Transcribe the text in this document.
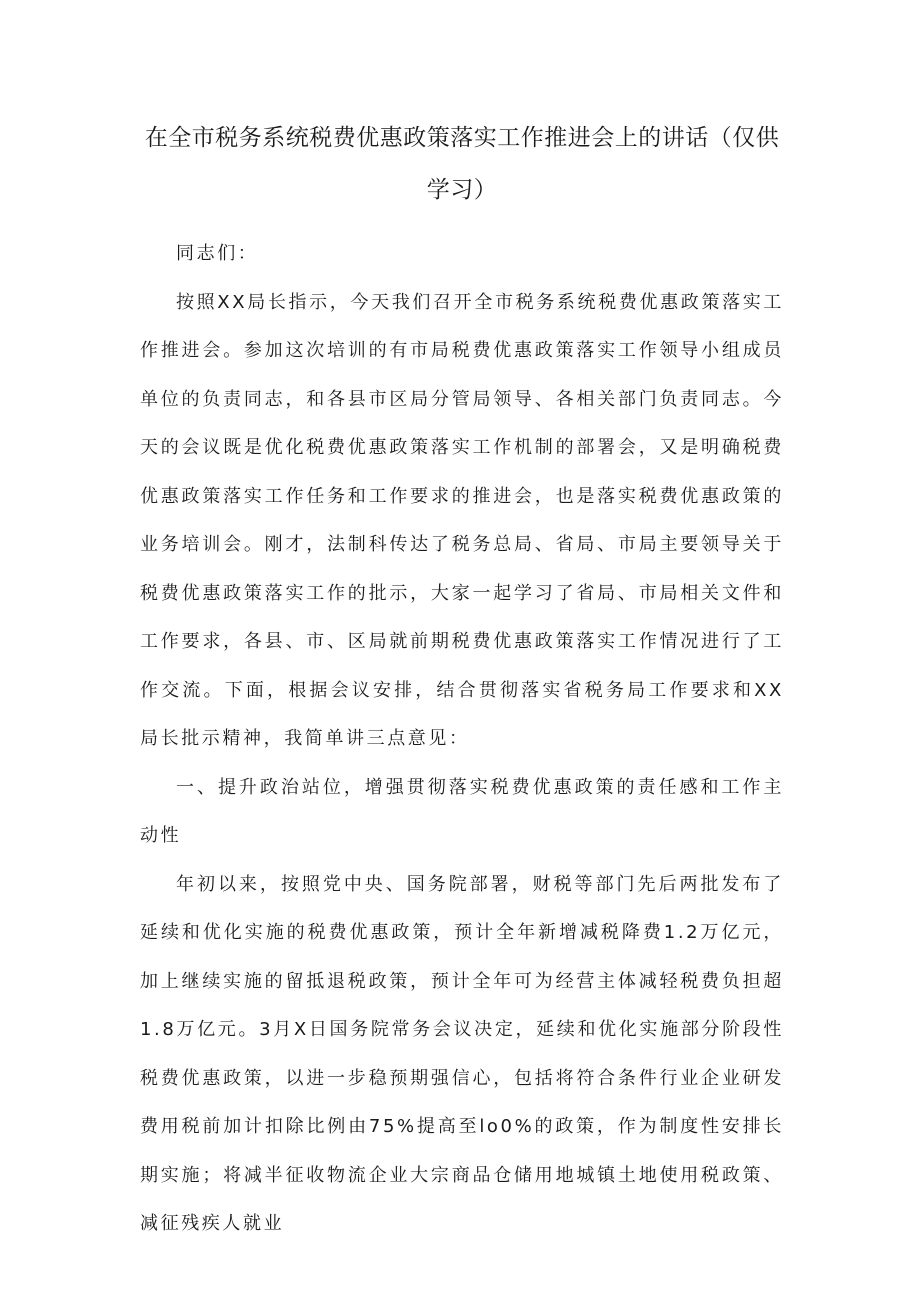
在全市税务系统税费优惠政策落实工作推进会上的讲话（仅供学习）

同志们：

按照XX局长指示，今天我们召开全市税务系统税费优惠政策落实工作推进会。参加这次培训的有市局税费优惠政策落实工作领导小组成员单位的负责同志，和各县市区局分管局领导、各相关部门负责同志。今天的会议既是优化税费优惠政策落实工作机制的部署会，又是明确税费优惠政策落实工作任务和工作要求的推进会，也是落实税费优惠政策的业务培训会。刚才，法制科传达了税务总局、省局、市局主要领导关于税费优惠政策落实工作的批示，大家一起学习了省局、市局相关文件和工作要求，各县、市、区局就前期税费优惠政策落实工作情况进行了工作交流。下面，根据会议安排，结合贯彻落实省税务局工作要求和XX局长批示精神，我简单讲三点意见：

一、提升政治站位，增强贯彻落实税费优惠政策的责任感和工作主动性

年初以来，按照党中央、国务院部署，财税等部门先后两批发布了延续和优化实施的税费优惠政策，预计全年新增减税降费1.2万亿元，加上继续实施的留抵退税政策，预计全年可为经营主体减轻税费负担超1.8万亿元。3月X日国务院常务会议决定，延续和优化实施部分阶段性税费优惠政策，以进一步稳预期强信心，包括将符合条件行业企业研发费用税前加计扣除比例由75%提高至lo0%的政策，作为制度性安排长期实施；将减半征收物流企业大宗商品仓储用地城镇土地使用税政策、减征残疾人就业
